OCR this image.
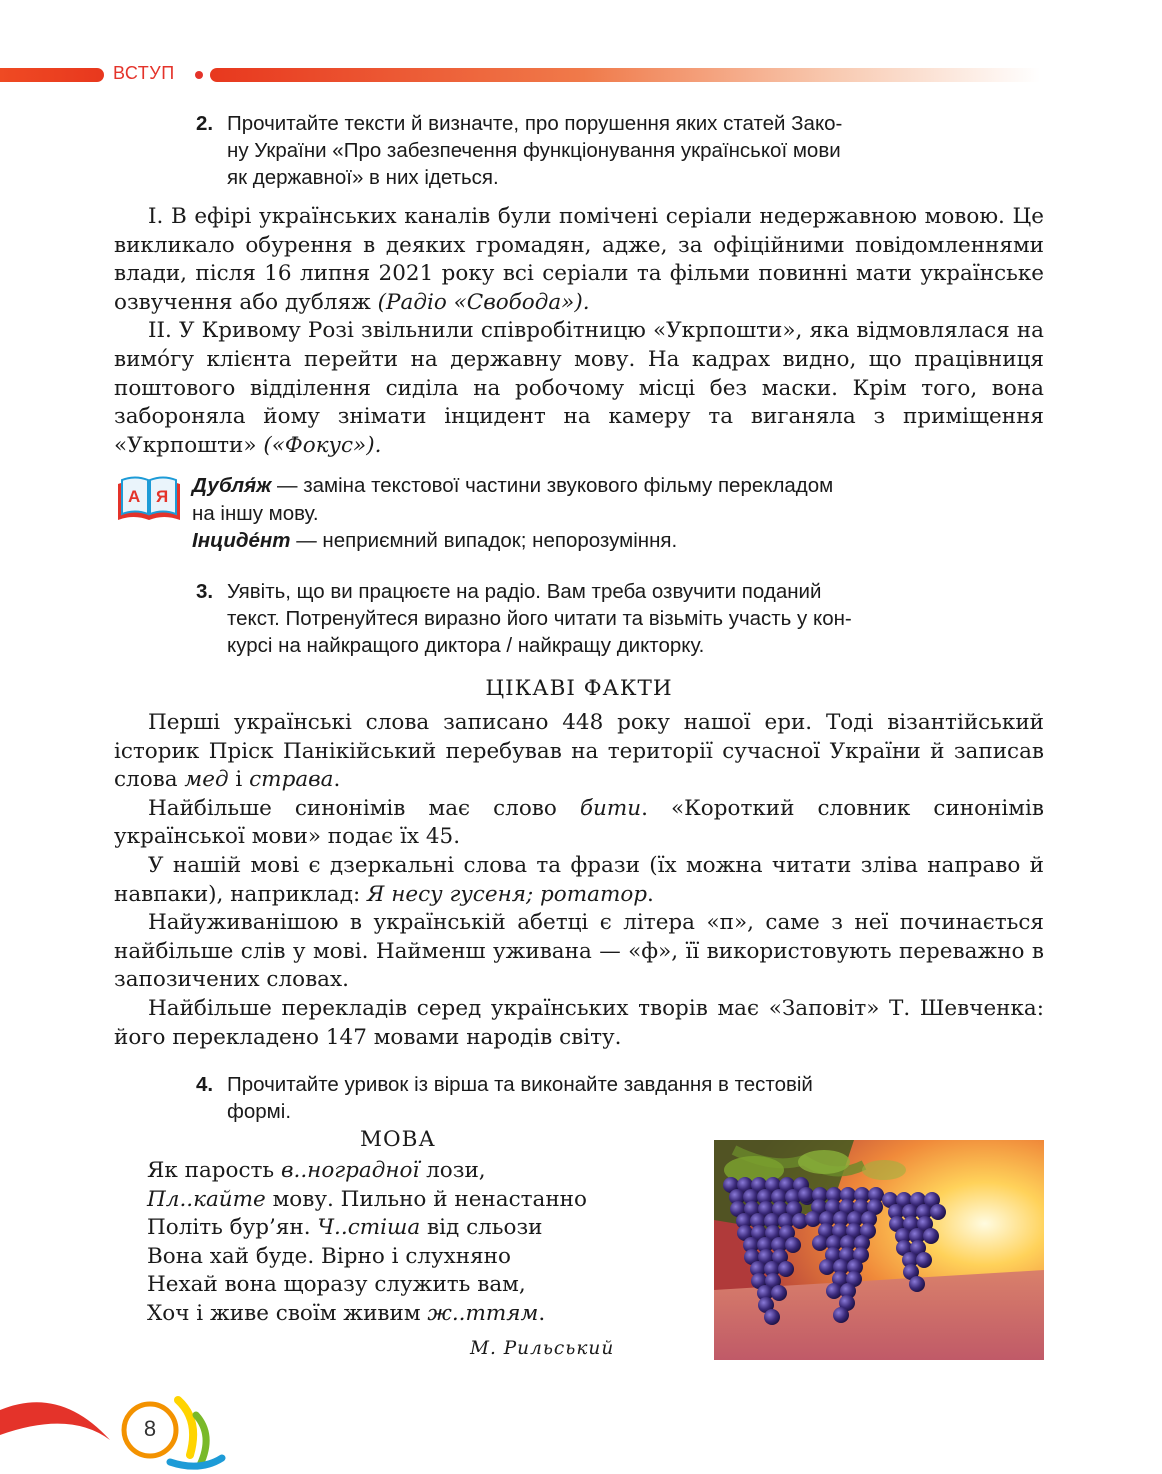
ВСТУП
2. Прочитайте тексти й визначте, про порушення яких статей Зако-
ну України «Про забезпечення функціонування української мови
як державної» в них ідеться.

І. В ефірі українських каналів були помічені серіали недержавною мовою. Це викликало обурення в деяких громадян, адже, за офіційними повідомленнями влади, після 16 липня 2021 року всі серіали та фільми повинні мати українське озвучення або дубляж (Радіо «Свобода»).

ІІ. У Кривому Розі звільнили співробітницю «Укрпошти», яка відмовлялася на вимо́гу клієнта перейти на державну мову. На кадрах видно, що працівниця поштового відділення сиділа на робочому місці без маски. Крім того, вона забороняла йому знімати інцидент на камеру та виганяла з приміщення «Укрпошти» («Фокус»).

А Я Дубля́ж — заміна текстової частини звукового фільму перекладом
на іншу мову.
Інциде́нт — неприємний випадок; непорозуміння.
3. Уявіть, що ви працюєте на радіо. Вам треба озвучити поданий
текст. Потренуйтеся виразно його читати та візьміть участь у кон-
курсі на найкращого диктора / найкращу дикторку.
ЦІКАВІ ФАКТИ

Перші українські слова записано 448 року нашої ери. Тоді візантійський історик Пріск Панікійський перебував на території сучасної України й записав слова мед і страва.

Найбільше синонімів має слово бити. «Короткий словник синонімів української мови» подає їх 45.

У нашій мові є дзеркальні слова та фрази (їх можна читати зліва направо й навпаки), наприклад: Я несу гусеня; ротатор.

Найуживанішою в українській абетці є літера «п», саме з неї починається найбільше слів у мові. Найменш уживана — «ф», її використовують переважно в запозичених словах.

Найбільше перекладів серед українських творів має «Заповіт» Т. Шевченка: його перекладено 147 мовами народів світу.

4. Прочитайте уривок із вірша та виконайте завдання в тестовій
формі.
МОВА
Як парость в..ноградної лози,
Пл..кайте мову. Пильно й ненастанно
Політь бур’ян. Ч..стіша від сльози
Вона хай буде. Вірно і слухняно
Нехай вона щоразу служить вам,
Хоч і живе своїм живим ж..ттям.
М. Рильський
8
